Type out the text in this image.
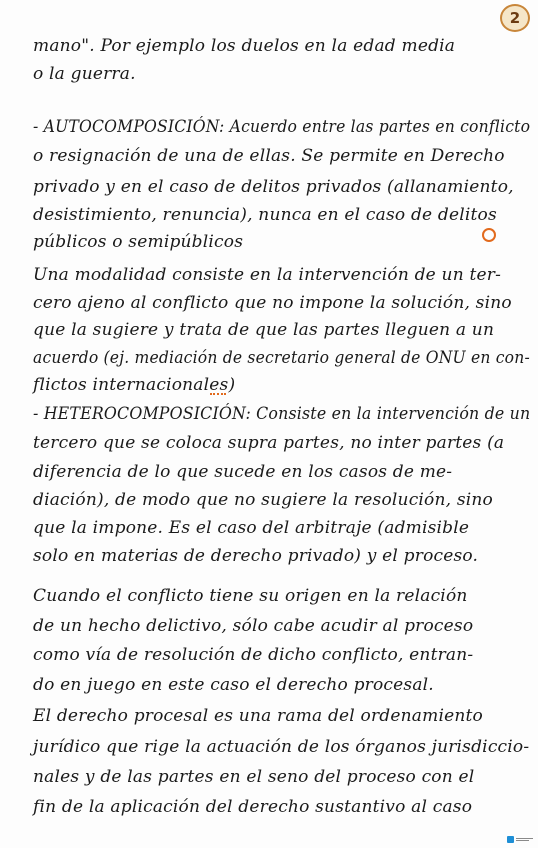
2
mano". Por ejemplo los duelos en la edad media
o la guerra.
- AUTOCOMPOSICIÓN: Acuerdo entre las partes en conflicto
o resignación de una de ellas. Se permite en Derecho
privado y en el caso de delitos privados (allanamiento,
desistimiento, renuncia), nunca en el caso de delitos
públicos o semipúblicos
Una modalidad consiste en la intervención de un ter-
cero ajeno al conflicto que no impone la solución, sino
que la sugiere y trata de que las partes lleguen a un
acuerdo (ej. mediación de secretario general de ONU en con-
flictos internacionales)
- HETEROCOMPOSICIÓN: Consiste en la intervención de un
tercero que se coloca supra partes, no inter partes (a
diferencia de lo que sucede en los casos de me-
diación), de modo que no sugiere la resolución, sino
que la impone. Es el caso del arbitraje (admisible
solo en materias de derecho privado) y el proceso.
Cuando el conflicto tiene su origen en la relación
de un hecho delictivo, sólo cabe acudir al proceso
como vía de resolución de dicho conflicto, entran-
do en juego en este caso el derecho procesal.
El derecho procesal es una rama del ordenamiento
jurídico que rige la actuación de los órganos jurisdiccio-
nales y de las partes en el seno del proceso con el
fin de la aplicación del derecho sustantivo al caso
